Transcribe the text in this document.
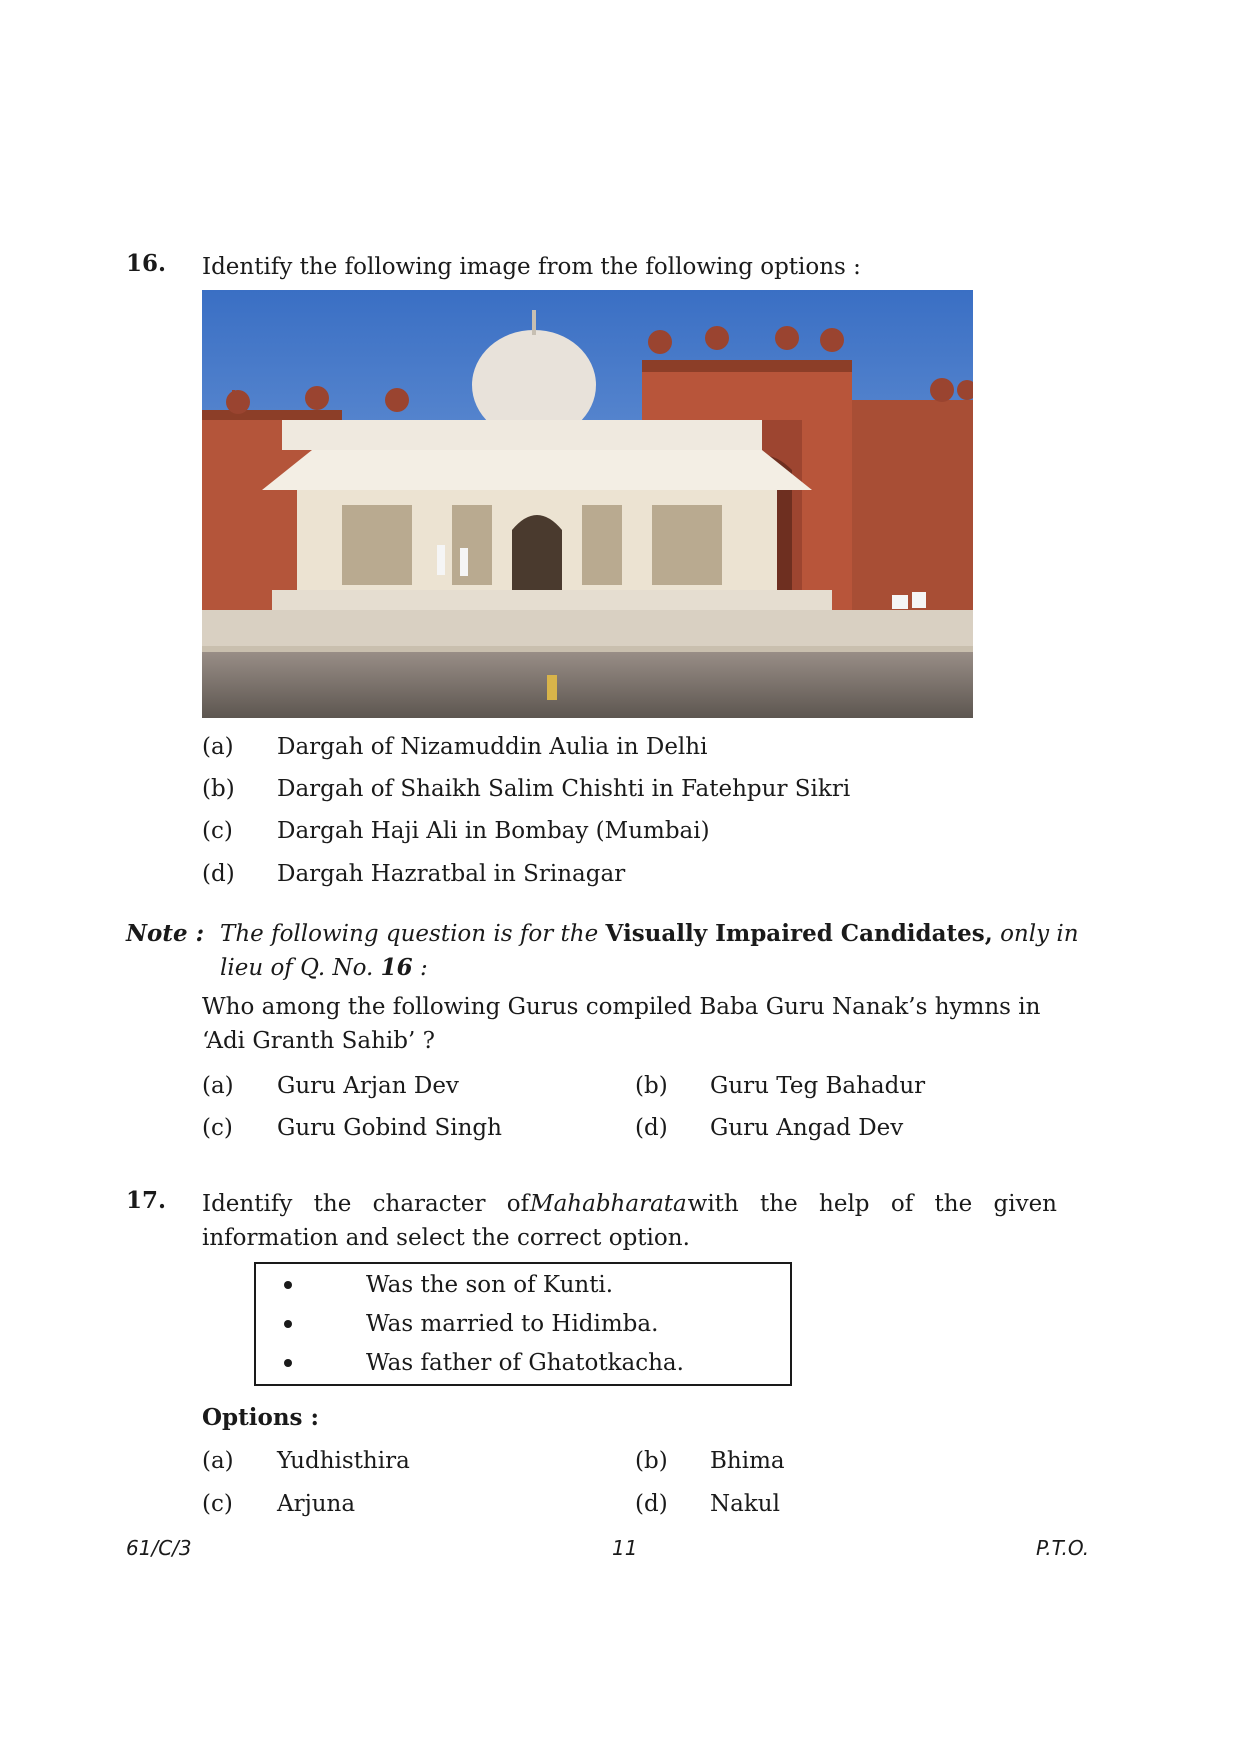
16. Identify the following image from the following options :
(a)	Dargah of Nizamuddin Aulia in Delhi
(b)	Dargah of Shaikh Salim Chishti in Fatehpur Sikri
(c)	Dargah Haji Ali in Bombay (Mumbai)
(d)	Dargah Hazratbal in Srinagar
Note : The following question is for the Visually Impaired Candidates, only in
lieu of Q. No. 16 :
Who among the following Gurus compiled Baba Guru Nanak’s hymns in
‘Adi Granth Sahib’ ?
(a) Guru Arjan Dev	(b) Guru Teg Bahadur
(c) Guru Gobind Singh	(d) Guru Angad Dev
17. Identify the character of Mahabharata with the help of the given
information and select the correct option.
Was the son of Kunti.
Was married to Hidimba.
Was father of Ghatotkacha.
Options :
(a) Yudhisthira	(b) Bhima
(c) Arjuna	(d) Nakul
61/C/3	11	P.T.O.
